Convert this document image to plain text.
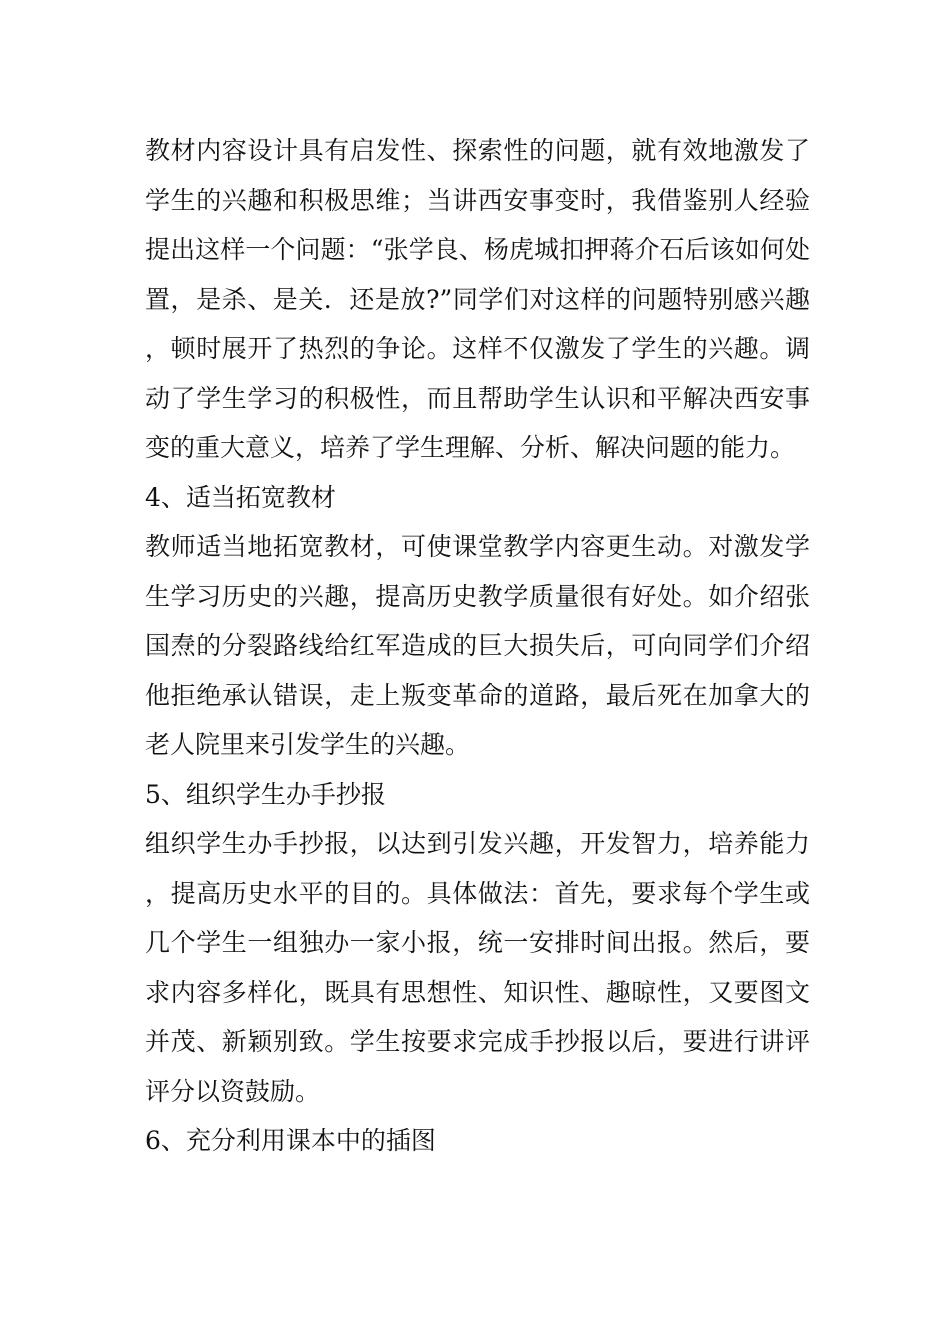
教材内容设计具有启发性、探索性的问题，就有效地激发了学生的兴趣和积极思维；当讲西安事变时，我借鉴别人经验提出这样一个问题：“张学良、杨虎城扣押蒋介石后该如何处置，是杀、是关．还是放?”同学们对这样的问题特别感兴趣，顿时展开了热烈的争论。这样不仅激发了学生的兴趣。调动了学生学习的积极性，而且帮助学生认识和平解决西安事变的重大意义，培养了学生理解、分析、解决问题的能力。

4、适当拓宽教材

教师适当地拓宽教材，可使课堂教学内容更生动。对激发学生学习历史的兴趣，提高历史教学质量很有好处。如介绍张国焘的分裂路线给红军造成的巨大损失后，可向同学们介绍他拒绝承认错误，走上叛变革命的道路，最后死在加拿大的老人院里来引发学生的兴趣。

5、组织学生办手抄报

组织学生办手抄报，以达到引发兴趣，开发智力，培养能力，提高历史水平的目的。具体做法：首先，要求每个学生或几个学生一组独办一家小报，统一安排时间出报。然后，要求内容多样化，既具有思想性、知识性、趣晾性，又要图文并茂、新颖别致。学生按要求完成手抄报以后，要进行讲评评分以资鼓励。

6、充分利用课本中的插图
